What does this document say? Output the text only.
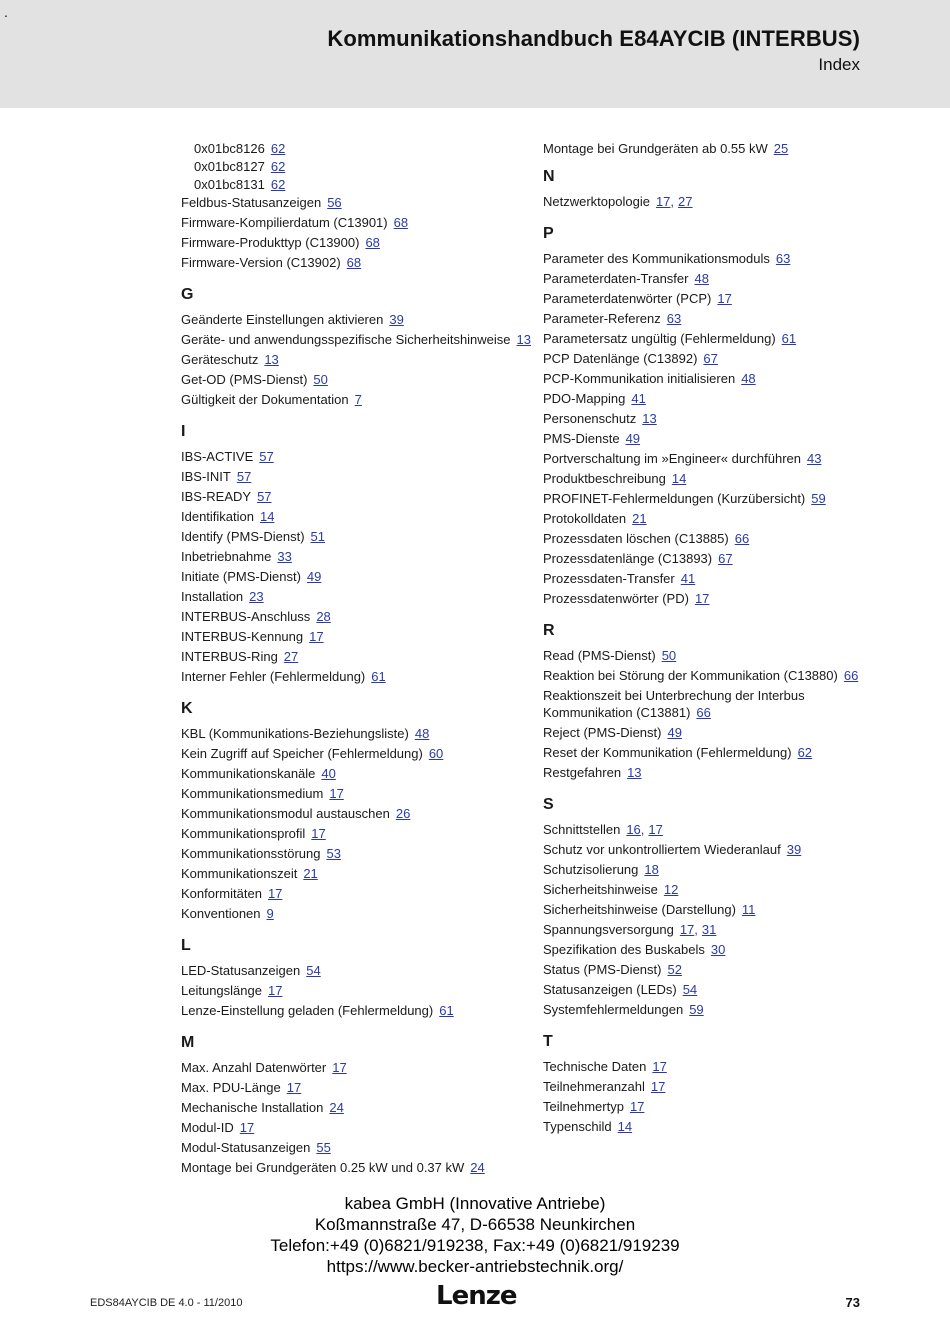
.
Kommunikationshandbuch E84AYCIB (INTERBUS)
Index
0x01bc8126 62
0x01bc8127 62
0x01bc8131 62
Feldbus-Statusanzeigen 56
Firmware-Kompilierdatum (C13901) 68
Firmware-Produkttyp (C13900) 68
Firmware-Version (C13902) 68
G
Geänderte Einstellungen aktivieren 39
Geräte- und anwendungsspezifische Sicherheitshinweise 13
Geräteschutz 13
Get-OD (PMS-Dienst) 50
Gültigkeit der Dokumentation 7
I
IBS-ACTIVE 57
IBS-INIT 57
IBS-READY 57
Identifikation 14
Identify (PMS-Dienst) 51
Inbetriebnahme 33
Initiate (PMS-Dienst) 49
Installation 23
INTERBUS-Anschluss 28
INTERBUS-Kennung 17
INTERBUS-Ring 27
Interner Fehler (Fehlermeldung) 61
K
KBL (Kommunikations-Beziehungsliste) 48
Kein Zugriff auf Speicher (Fehlermeldung) 60
Kommunikationskanäle 40
Kommunikationsmedium 17
Kommunikationsmodul austauschen 26
Kommunikationsprofil 17
Kommunikationsstörung 53
Kommunikationszeit 21
Konformitäten 17
Konventionen 9
L
LED-Statusanzeigen 54
Leitungslänge 17
Lenze-Einstellung geladen (Fehlermeldung) 61
M
Max. Anzahl Datenwörter 17
Max. PDU-Länge 17
Mechanische Installation 24
Modul-ID 17
Modul-Statusanzeigen 55
Montage bei Grundgeräten 0.25 kW und 0.37 kW 24
Montage bei Grundgeräten ab 0.55 kW 25
N
Netzwerktopologie 17, 27
P
Parameter des Kommunikationsmoduls 63
Parameterdaten-Transfer 48
Parameterdatenwörter (PCP) 17
Parameter-Referenz 63
Parametersatz ungültig (Fehlermeldung) 61
PCP Datenlänge (C13892) 67
PCP-Kommunikation initialisieren 48
PDO-Mapping 41
Personenschutz 13
PMS-Dienste 49
Portverschaltung im »Engineer« durchführen 43
Produktbeschreibung 14
PROFINET-Fehlermeldungen (Kurzübersicht) 59
Protokolldaten 21
Prozessdaten löschen (C13885) 66
Prozessdatenlänge (C13893) 67
Prozessdaten-Transfer 41
Prozessdatenwörter (PD) 17
R
Read (PMS-Dienst) 50
Reaktion bei Störung der Kommunikation (C13880) 66
Reaktionszeit bei Unterbrechung der Interbus Kommunikation (C13881) 66
Reject (PMS-Dienst) 49
Reset der Kommunikation (Fehlermeldung) 62
Restgefahren 13
S
Schnittstellen 16, 17
Schutz vor unkontrolliertem Wiederanlauf 39
Schutzisolierung 18
Sicherheitshinweise 12
Sicherheitshinweise (Darstellung) 11
Spannungsversorgung 17, 31
Spezifikation des Buskabels 30
Status (PMS-Dienst) 52
Statusanzeigen (LEDs) 54
Systemfehlermeldungen 59
T
Technische Daten 17
Teilnehmeranzahl 17
Teilnehmertyp 17
Typenschild 14
kabea GmbH (Innovative Antriebe)
Koßmannstraße 47, D-66538 Neunkirchen
Telefon:+49 (0)6821/919238, Fax:+49 (0)6821/919239
https://www.becker-antriebstechnik.org/
EDS84AYCIB DE 4.0 - 11/2010	Lenze	73
